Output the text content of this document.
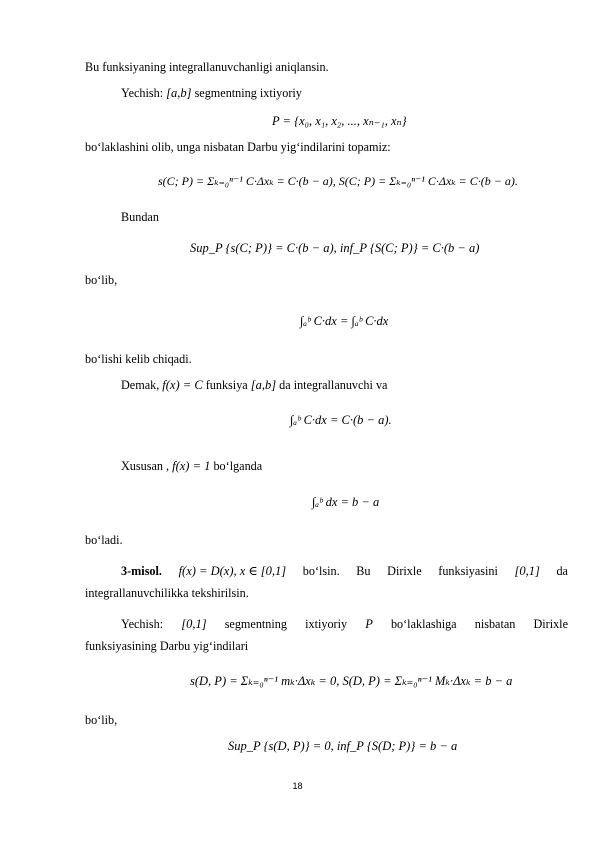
Bu funksiyaning integrallanuvchanligi aniqlansin.

Yechish: [a,b] segmentning ixtiyoriy

P = {x₀, x₁, x₂, ..., xₙ₋₁, xₙ}

bo‘laklashini olib, unga nisbatan Darbu yig‘indilarini topamiz:

s(C; P) = Σₖ₌₀ⁿ⁻¹ C·Δxₖ = C·(b − a), S(C; P) = Σₖ₌₀ⁿ⁻¹ C·Δxₖ = C·(b − a).

Bundan

Sup_P {s(C; P)} = C·(b − a), inf_P {S(C; P)} = C·(b − a)

bo‘lib,

∫ₐᵇ C·dx = ∫ₐᵇ C·dx

bo‘lishi kelib chiqadi.

Demak, f(x) = C funksiya [a,b] da integrallanuvchi va

∫ₐᵇ C·dx = C·(b − a).

Xususan , f(x) = 1 bo‘lganda

∫ₐᵇ dx = b − a

bo‘ladi.

3-misol. f(x) = D(x), x ∈ [0,1] bo‘lsin. Bu Dirixle funksiyasini [0,1] da

integrallanuvchilikka tekshirilsin.

Yechish: [0,1] segmentning ixtiyoriy P bo‘laklashiga nisbatan Dirixle

funksiyasining Darbu yig‘indilari

s(D, P) = Σₖ₌₀ⁿ⁻¹ mₖ·Δxₖ = 0, S(D, P) = Σₖ₌₀ⁿ⁻¹ Mₖ·Δxₖ = b − a

bo‘lib,

Sup_P {s(D, P)} = 0, inf_P {S(D; P)} = b − a
18
